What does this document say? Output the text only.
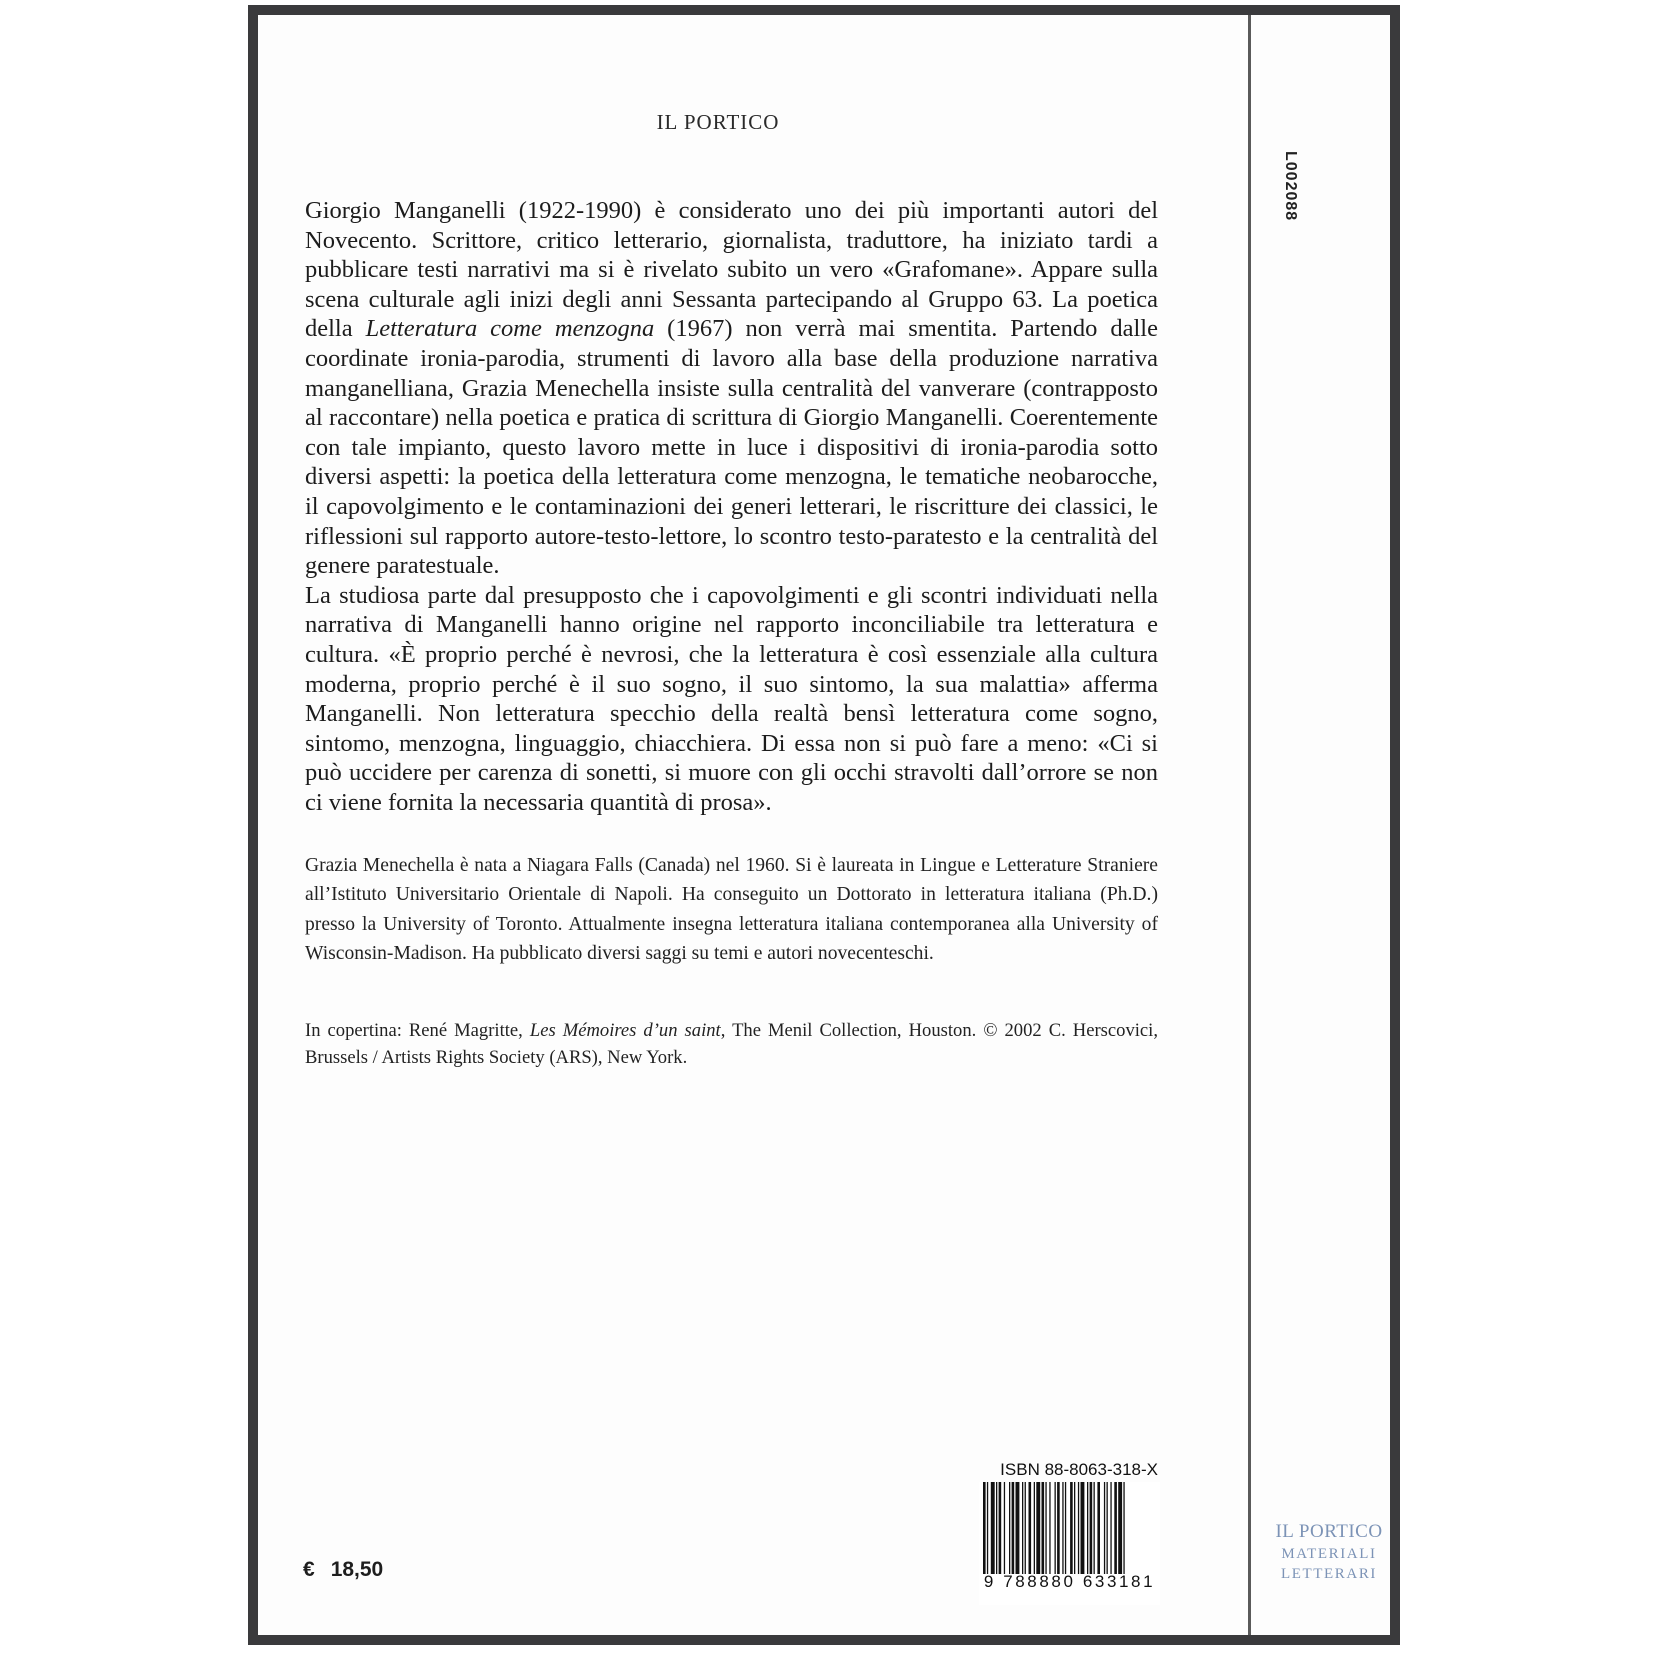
IL PORTICO

Giorgio Manganelli (1922-1990) è considerato uno dei più importanti autori del Novecento. Scrittore, critico letterario, giornalista, traduttore, ha iniziato tardi a pubblicare testi narrativi ma si è rivelato subito un vero «Grafomane». Appare sulla scena culturale agli inizi degli anni Sessanta partecipando al Gruppo 63. La poetica della Letteratura come menzogna (1967) non verrà mai smentita. Partendo dalle coordinate ironia-parodia, strumenti di lavoro alla base della produzione narrativa manganelliana, Grazia Menechella insiste sulla centralità del vanverare (contrapposto al raccontare) nella poetica e pratica di scrittura di Giorgio Manganelli. Coerentemente con tale impianto, questo lavoro mette in luce i dispositivi di ironia-parodia sotto diversi aspetti: la poetica della letteratura come menzogna, le tematiche neobarocche, il capovolgimento e le contaminazioni dei generi letterari, le riscritture dei classici, le riflessioni sul rapporto autore-testo-lettore, lo scontro testo-paratesto e la centralità del genere paratestuale.

La studiosa parte dal presupposto che i capovolgimenti e gli scontri individuati nella narrativa di Manganelli hanno origine nel rapporto inconciliabile tra letteratura e cultura. «È proprio perché è nevrosi, che la letteratura è così essenziale alla cultura moderna, proprio perché è il suo sogno, il suo sintomo, la sua malattia» afferma Manganelli. Non letteratura specchio della realtà bensì letteratura come sogno, sintomo, menzogna, linguaggio, chiacchiera. Di essa non si può fare a meno: «Ci si può uccidere per carenza di sonetti, si muore con gli occhi stravolti dall’orrore se non ci viene fornita la necessaria quantità di prosa».

Grazia Menechella è nata a Niagara Falls (Canada) nel 1960. Si è laureata in Lingue e Letterature Straniere all’Istituto Universitario Orientale di Napoli. Ha conseguito un Dottorato in letteratura italiana (Ph.D.) presso la University of Toronto. Attualmente insegna letteratura italiana contemporanea alla University of Wisconsin-Madison. Ha pubblicato diversi saggi su temi e autori novecenteschi.

In copertina: René Magritte, Les Mémoires d’un saint, The Menil Collection, Houston. © 2002 C. Herscovici, Brussels / Artists Rights Society (ARS), New York.

€ 18,50
ISBN 88-8063-318-X
9 788880 633181
L002088
IL PORTICO
MATERIALI
LETTERARI
